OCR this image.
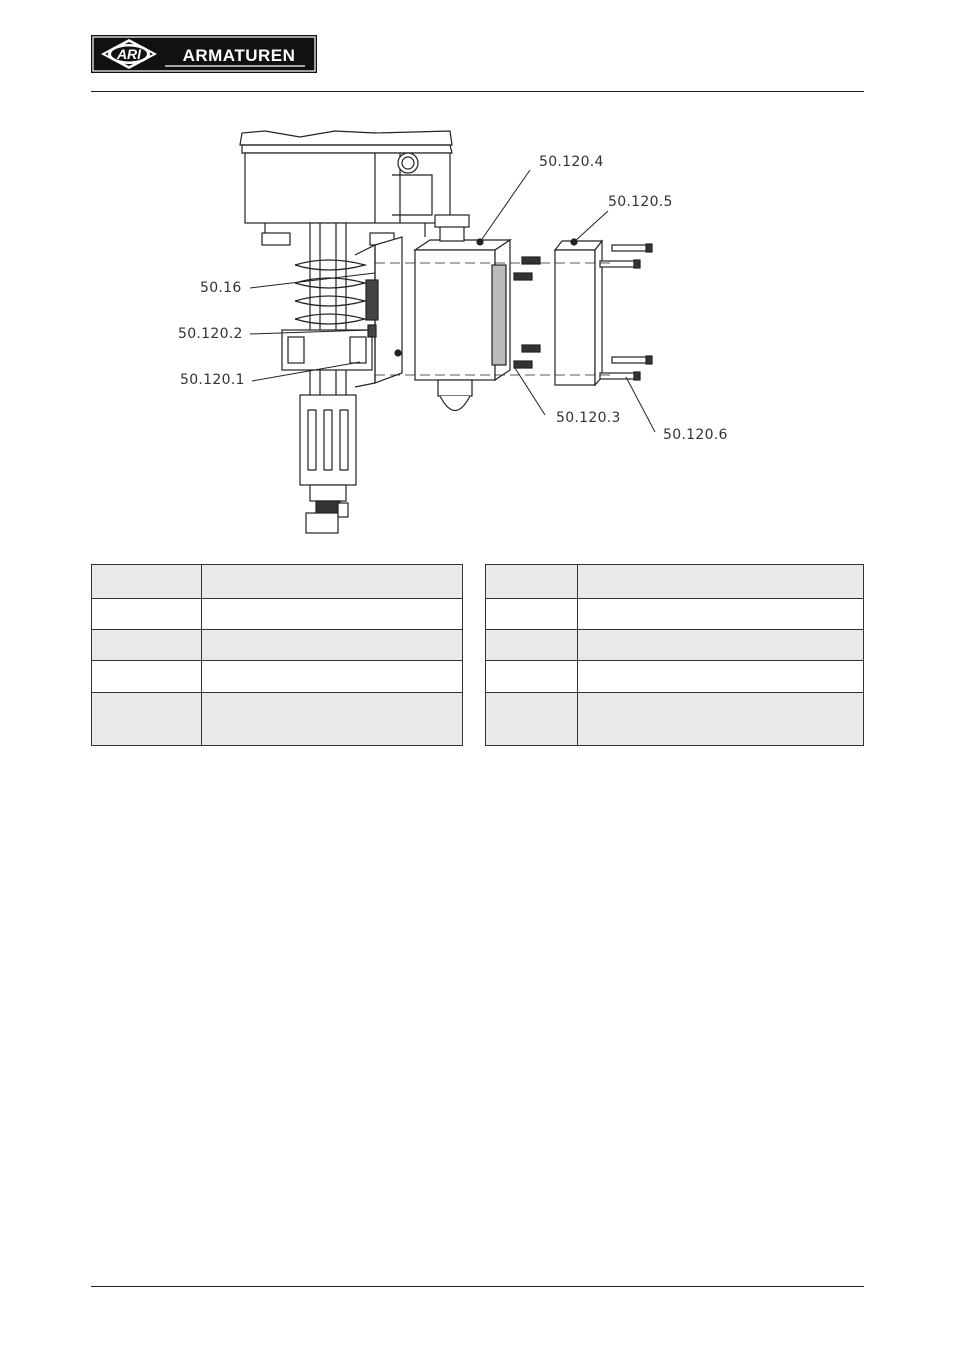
ARI ARMATUREN
50.120.4
50.120.5
50.16
50.120.2
50.120.1
50.120.3
50.120.6
